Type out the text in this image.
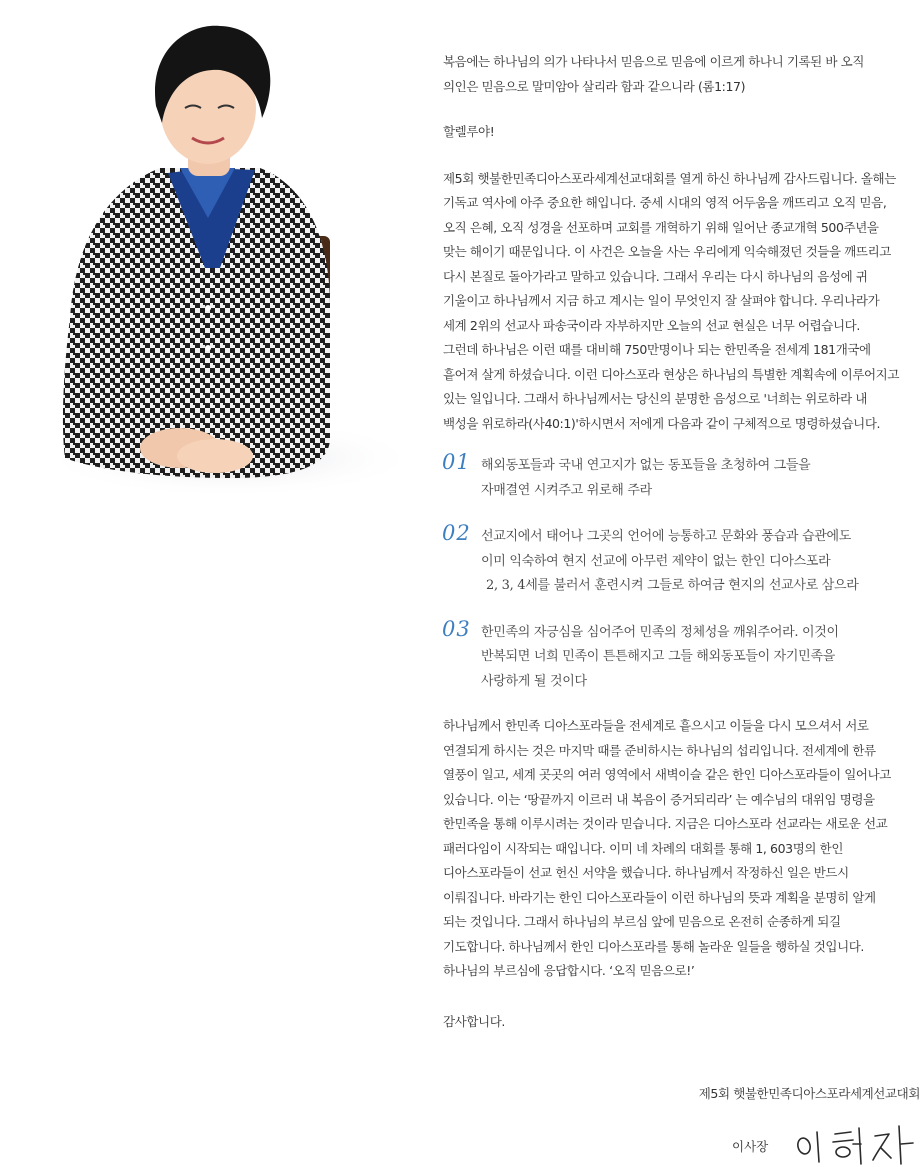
복음에는 하나님의 의가 나타나서 믿음으로 믿음에 이르게 하나니 기록된 바 오직
의인은 믿음으로 말미암아 살리라 함과 같으니라 (롬1:17)
할렐루야!
제5회 햇불한민족디아스포라세계선교대회를 열게 하신 하나님께 감사드립니다. 올해는
기독교 역사에 아주 중요한 해입니다. 중세 시대의 영적 어두움을 깨뜨리고 오직 믿음,
오직 은혜, 오직 성경을 선포하며 교회를 개혁하기 위해 일어난 종교개혁 500주년을
맞는 해이기 때문입니다. 이 사건은 오늘을 사는 우리에게 익숙해졌던 것들을 깨뜨리고
다시 본질로 돌아가라고 말하고 있습니다. 그래서 우리는 다시 하나님의 음성에 귀
기울이고 하나님께서 지금 하고 계시는 일이 무엇인지 잘 살펴야 합니다. 우리나라가
세계 2위의 선교사 파송국이라 자부하지만 오늘의 선교 현실은 너무 어렵습니다.
그런데 하나님은 이런 때를 대비해 750만명이나 되는 한민족을 전세계 181개국에
흩어져 살게 하셨습니다. 이런 디아스포라 현상은 하나님의 특별한 계획속에 이루어지고
있는 일입니다. 그래서 하나님께서는 당신의 분명한 음성으로 '너희는 위로하라 내
백성을 위로하라(사40:1)'하시면서 저에게 다음과 같이 구체적으로 명령하셨습니다.
01 해외동포들과 국내 연고지가 없는 동포들을 초청하여 그들을
자매결연 시켜주고 위로해 주라
02 선교지에서 태어나 그곳의 언어에 능통하고 문화와 풍습과 습관에도
이미 익숙하여 현지 선교에 아무런 제약이 없는 한인 디아스포라
2, 3, 4세를 불러서 훈련시켜 그들로 하여금 현지의 선교사로 삼으라
03 한민족의 자긍심을 심어주어 민족의 정체성을 깨워주어라. 이것이
반복되면 너희 민족이 튼튼해지고 그들 해외동포들이 자기민족을
사랑하게 될 것이다
하나님께서 한민족 디아스포라들을 전세계로 흩으시고 이들을 다시 모으셔서 서로
연결되게 하시는 것은 마지막 때를 준비하시는 하나님의 섭리입니다. 전세계에 한류
열풍이 일고, 세계 곳곳의 여러 영역에서 새벽이슬 같은 한인 디아스포라들이 일어나고
있습니다. 이는 ‘땅끝까지 이르러 내 복음이 증거되리라’ 는 예수님의 대위임 명령을
한민족을 통해 이루시려는 것이라 믿습니다. 지금은 디아스포라 선교라는 새로운 선교
패러다임이 시작되는 때입니다. 이미 네 차례의 대회를 통해 1, 603명의 한인
디아스포라들이 선교 헌신 서약을 했습니다. 하나님께서 작정하신 일은 반드시
이뤄집니다. 바라기는 한인 디아스포라들이 이런 하나님의 뜻과 계획을 분명히 알게
되는 것입니다. 그래서 하나님의 부르심 앞에 믿음으로 온전히 순종하게 되길
기도합니다. 하나님께서 한인 디아스포라를 통해 놀라운 일들을 행하실 것입니다.
하나님의 부르심에 응답합시다. ‘오직 믿음으로!’
감사합니다.
제5회 햇불한민족디아스포라세계선교대회
이사장
